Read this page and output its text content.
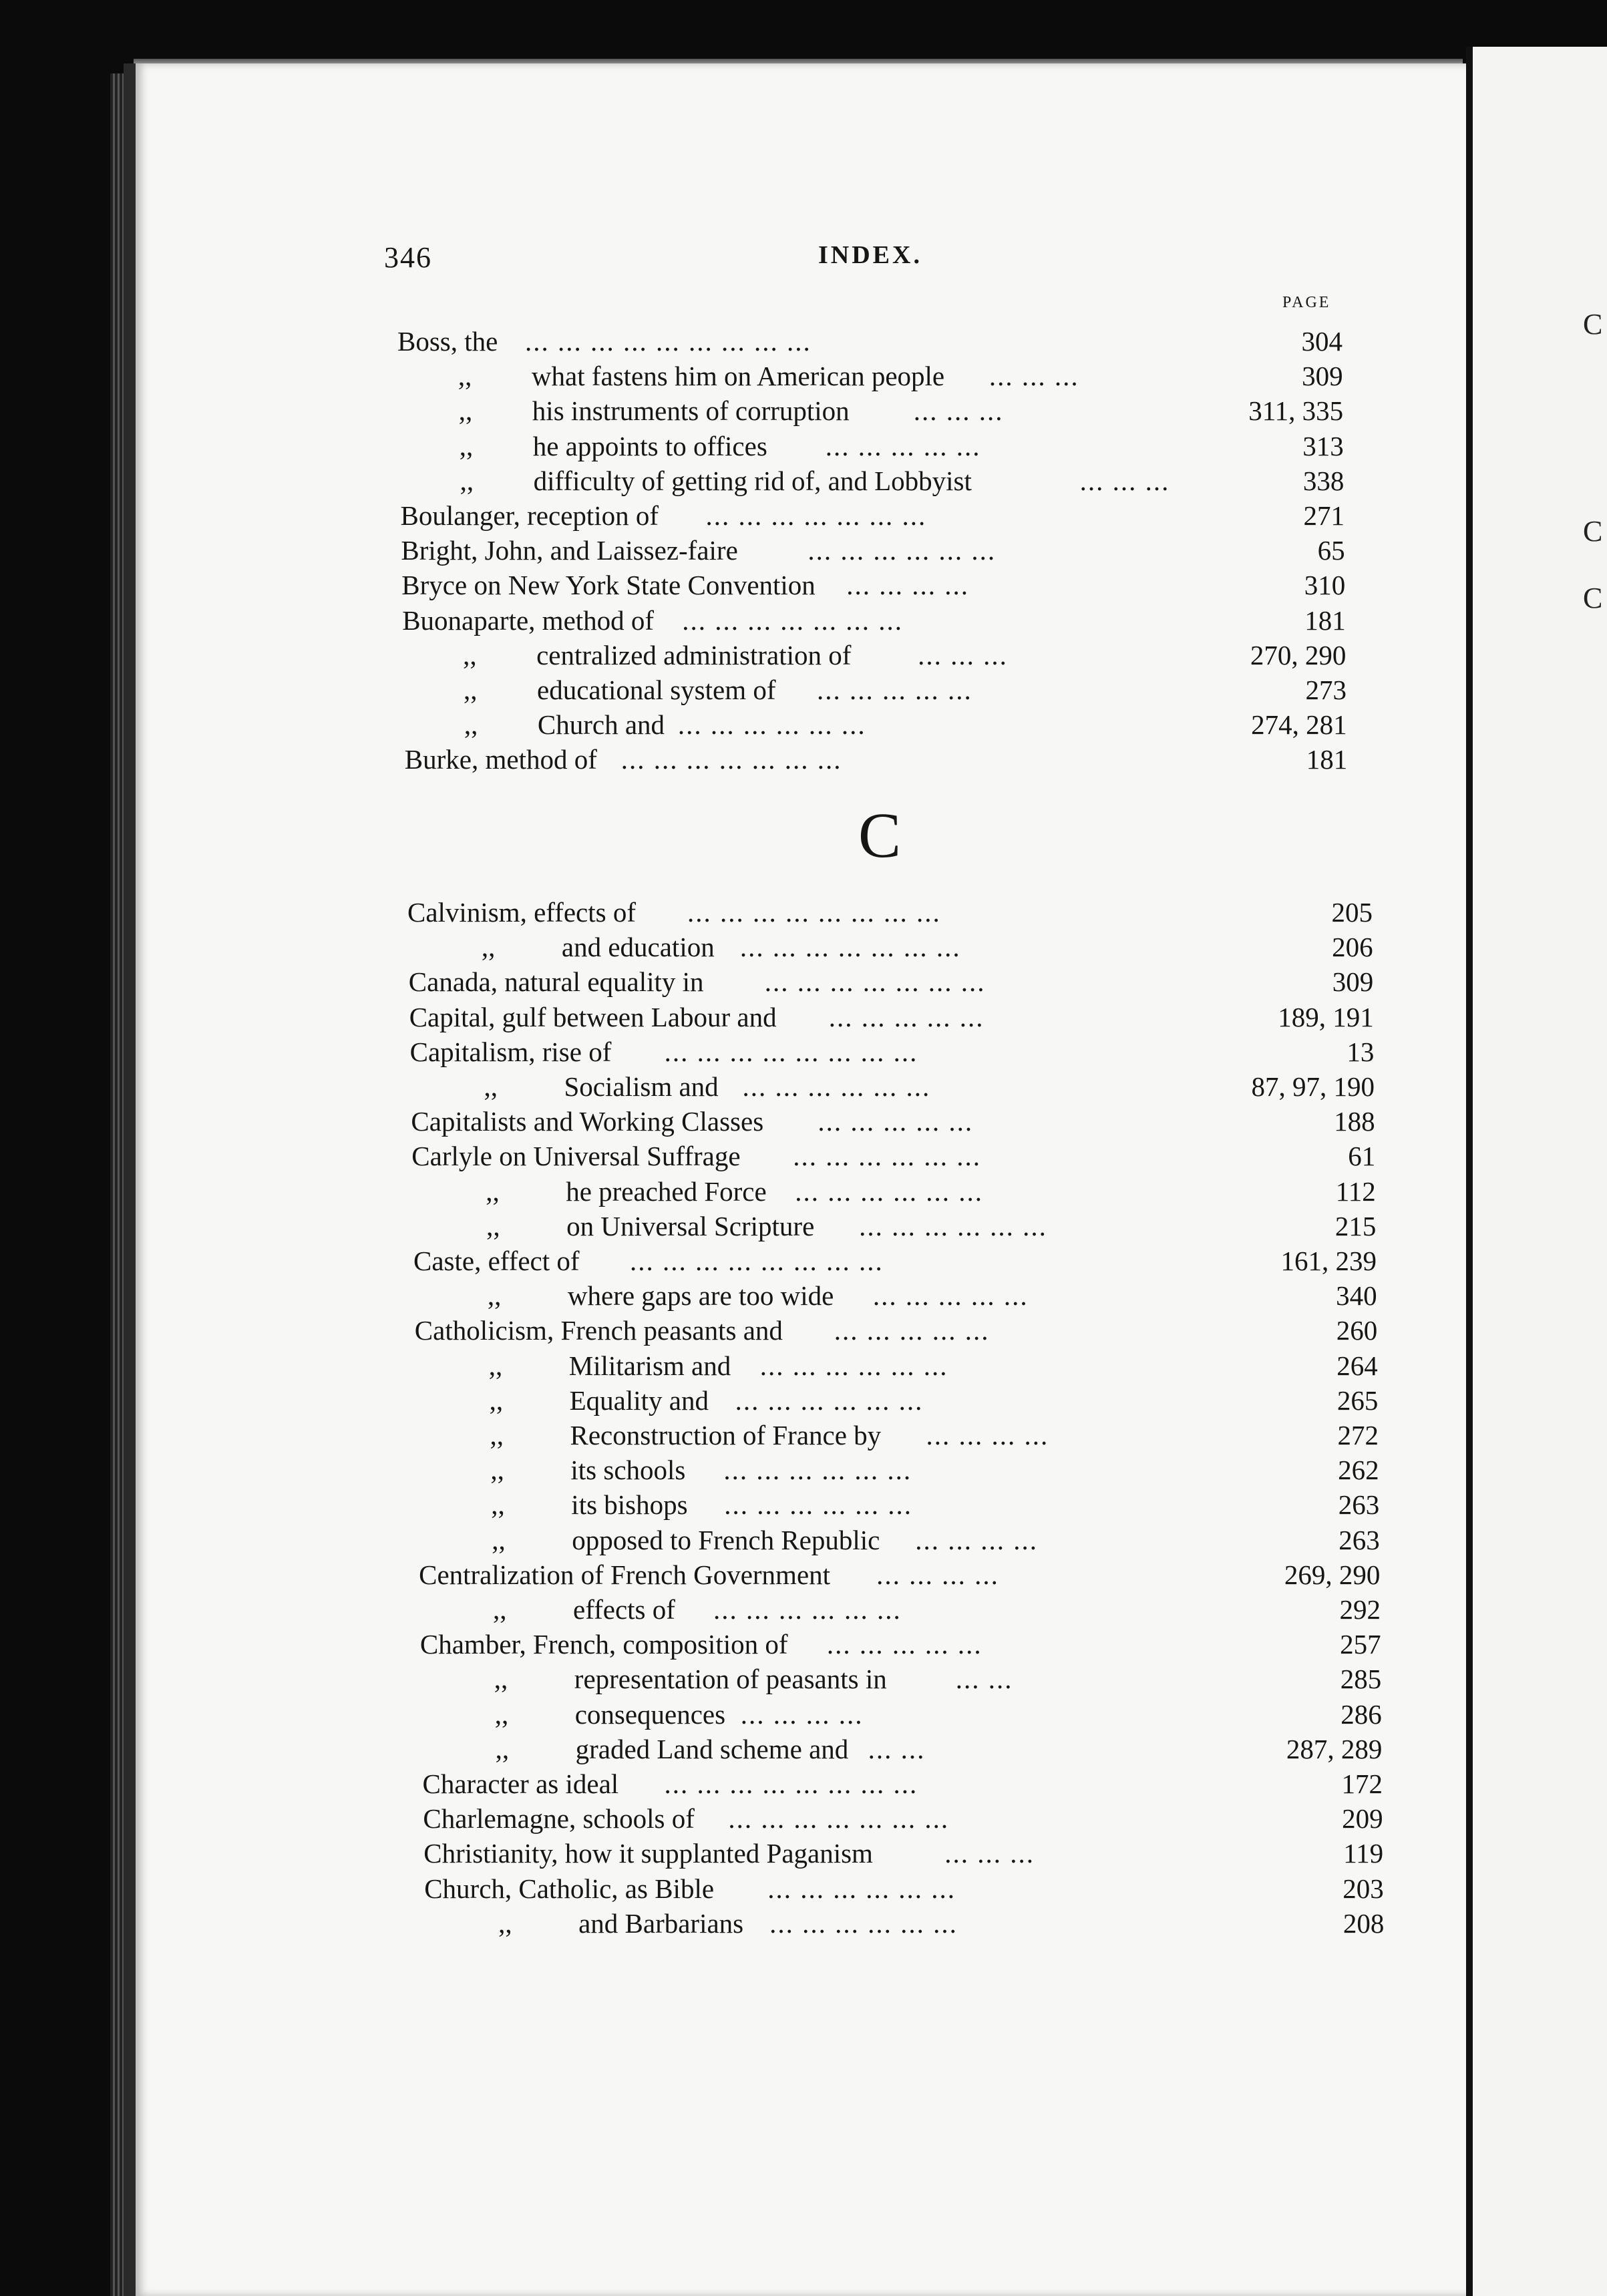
C
C
C
346	INDEX.
PAGE
C
Boss, the ... ... ... ... ... ... ... ... ...	304
,, what fastens him on American people ... ... ...	309
,, his instruments of corruption ... ... ...	311, 335
,, he appoints to offices ... ... ... ... ...	313
,, difficulty of getting rid of, and Lobbyist	... ... ...	338
Boulanger, reception of ... ... ... ... ... ... ...	271
Bright, John, and Laissez-faire	... ... ... ... ... ...	65
Bryce on New York State Convention ... ... ... ...	310
Buonaparte, method of ... ... ... ... ... ... ...	181
,, centralized administration of ... ... ...	270, 290
,, educational system of ... ... ... ... ...	273
,, Church and ... ... ... ... ... ...	274, 281
Burke, method of ... ... ... ... ... ... ...	181
Calvinism, effects of ... ... ... ... ... ... ... ...	205
,, and education ... ... ... ... ... ... ...	206
Canada, natural equality in ... ... ... ... ... ... ...	309
Capital, gulf between Labour and ... ... ... ... ...	189, 191
Capitalism, rise of ... ... ... ... ... ... ... ...	13
,, Socialism and ... ... ... ... ... ...	87, 97, 190
Capitalists and Working Classes ... ... ... ... ...	188
Carlyle on Universal Suffrage ... ... ... ... ... ...	61
,, he preached Force ... ... ... ... ... ...	112
,, on Universal Scripture ... ... ... ... ... ...	215
Caste, effect of ... ... ... ... ... ... ... ...	161, 239
,, where gaps are too wide ... ... ... ... ...	340
Catholicism, French peasants and ... ... ... ... ...	260
,, Militarism and ... ... ... ... ... ...	264
,, Equality and ... ... ... ... ... ...	265
,, Reconstruction of France by ... ... ... ...	272
,, its schools ... ... ... ... ... ...	262
,, its bishops ... ... ... ... ... ...	263
,, opposed to French Republic ... ... ... ...	263
Centralization of French Government ... ... ... ...	269, 290
,, effects of ... ... ... ... ... ...	292
Chamber, French, composition of ... ... ... ... ...	257
,, representation of peasants in	... ...	285
,, consequences ... ... ... ...	286
,, graded Land scheme and ... ...	287, 289
Character as ideal ... ... ... ... ... ... ... ...	172
Charlemagne, schools of ... ... ... ... ... ... ...	209
Christianity, how it supplanted Paganism	... ... ...	119
Church, Catholic, as Bible ... ... ... ... ... ...	203
,, and Barbarians ... ... ... ... ... ...	208
